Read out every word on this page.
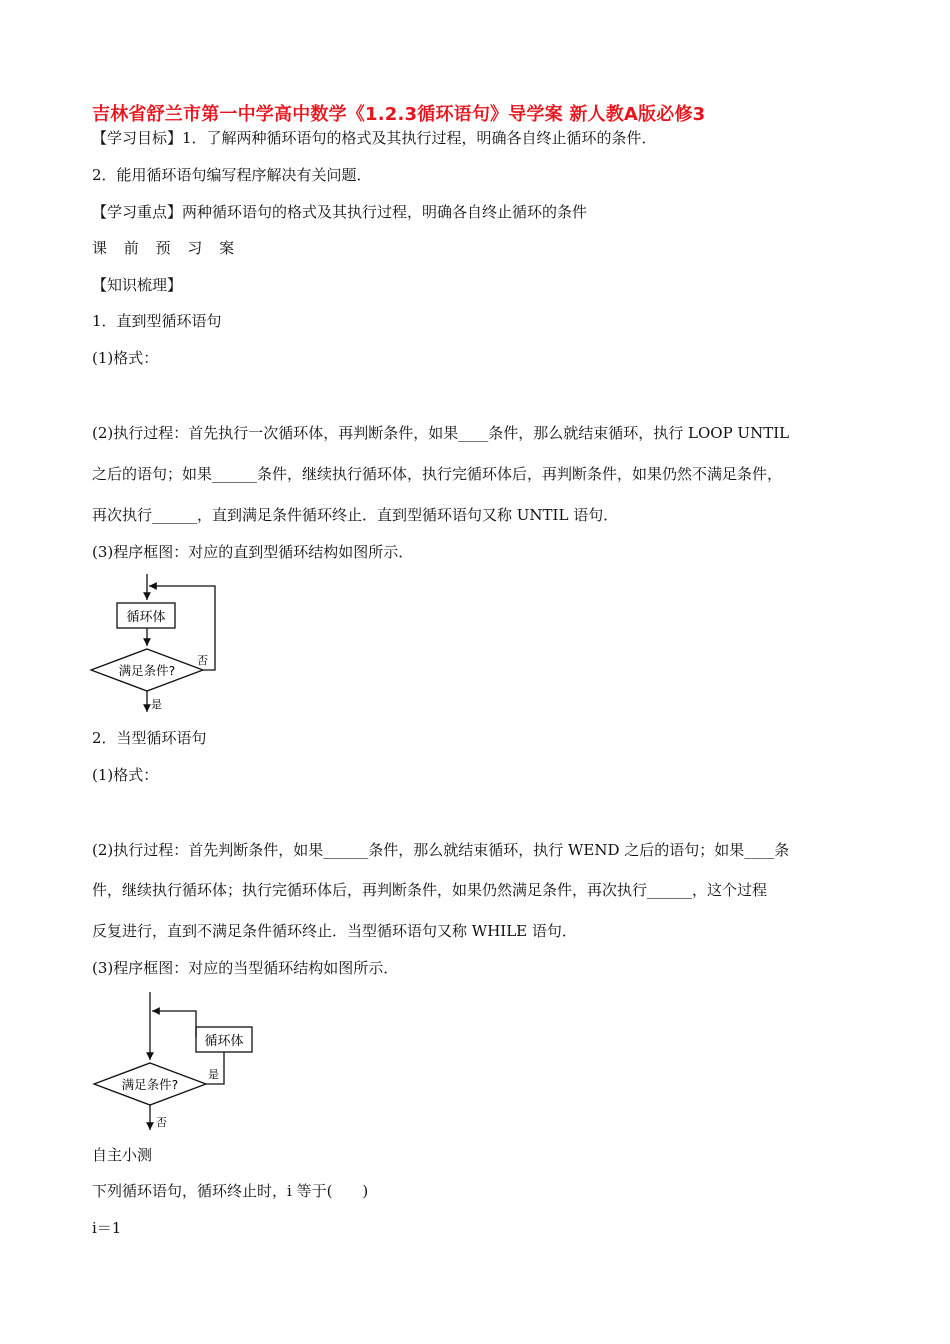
吉林省舒兰市第一中学高中数学《1.2.3循环语句》导学案 新人教A版必修3
【学习目标】1．了解两种循环语句的格式及其执行过程，明确各自终止循环的条件．
2．能用循环语句编写程序解决有关问题．
【学习重点】两种循环语句的格式及其执行过程，明确各自终止循环的条件
课 前 预 习 案
【知识梳理】
1．直到型循环语句
(1)格式：
(2)执行过程：首先执行一次循环体，再判断条件，如果____条件，那么就结束循环，执行 LOOP UNTIL
之后的语句；如果______条件，继续执行循环体，执行完循环体后，再判断条件，如果仍然不满足条件，
再次执行______，直到满足条件循环终止．直到型循环语句又称 UNTIL 语句．
(3)程序框图：对应的直到型循环结构如图所示．
循环体
满足条件?
否
是
2．当型循环语句
(1)格式：
(2)执行过程：首先判断条件，如果______条件，那么就结束循环，执行 WEND 之后的语句；如果____条
件，继续执行循环体；执行完循环体后，再判断条件，如果仍然满足条件，再次执行______，这个过程
反复进行，直到不满足条件循环终止．当型循环语句又称 WHILE 语句．
(3)程序框图：对应的当型循环结构如图所示．
满足条件?
循环体
是
否
自主小测
下列循环语句，循环终止时，i 等于(　　)
i＝1
